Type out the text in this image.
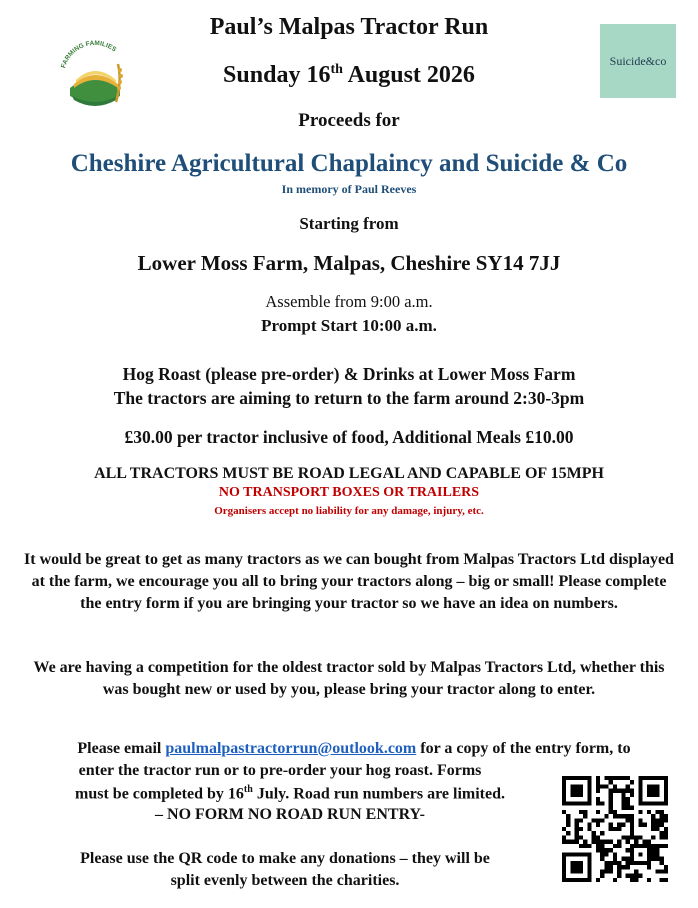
FARMING FAMILIES
Suicide&co
Paul’s Malpas Tractor Run
Sunday 16th August 2026
Proceeds for
Cheshire Agricultural Chaplaincy and Suicide & Co
In memory of Paul Reeves
Starting from
Lower Moss Farm, Malpas, Cheshire SY14 7JJ
Assemble from 9:00 a.m.
Prompt Start 10:00 a.m.
Hog Roast (please pre-order) & Drinks at Lower Moss Farm
The tractors are aiming to return to the farm around 2:30-3pm
£30.00 per tractor inclusive of food, Additional Meals £10.00
ALL TRACTORS MUST BE ROAD LEGAL AND CAPABLE OF 15MPH
NO TRANSPORT BOXES OR TRAILERS
Organisers accept no liability for any damage, injury, etc.
It would be great to get as many tractors as we can bought from Malpas Tractors Ltd displayed at the farm, we encourage you all to bring your tractors along – big or small! Please complete the entry form if you are bringing your tractor so we have an idea on numbers.
We are having a competition for the oldest tractor sold by Malpas Tractors Ltd, whether this was bought new or used by you, please bring your tractor along to enter.
Please email paulmalpastractorrun@outlook.com for a copy of the entry form, to
enter the tractor run or to pre-order your hog roast. Forms
must be completed by 16th July. Road run numbers are limited.
– NO FORM NO ROAD RUN ENTRY-
Please use the QR code to make any donations – they will be
split evenly between the charities.
